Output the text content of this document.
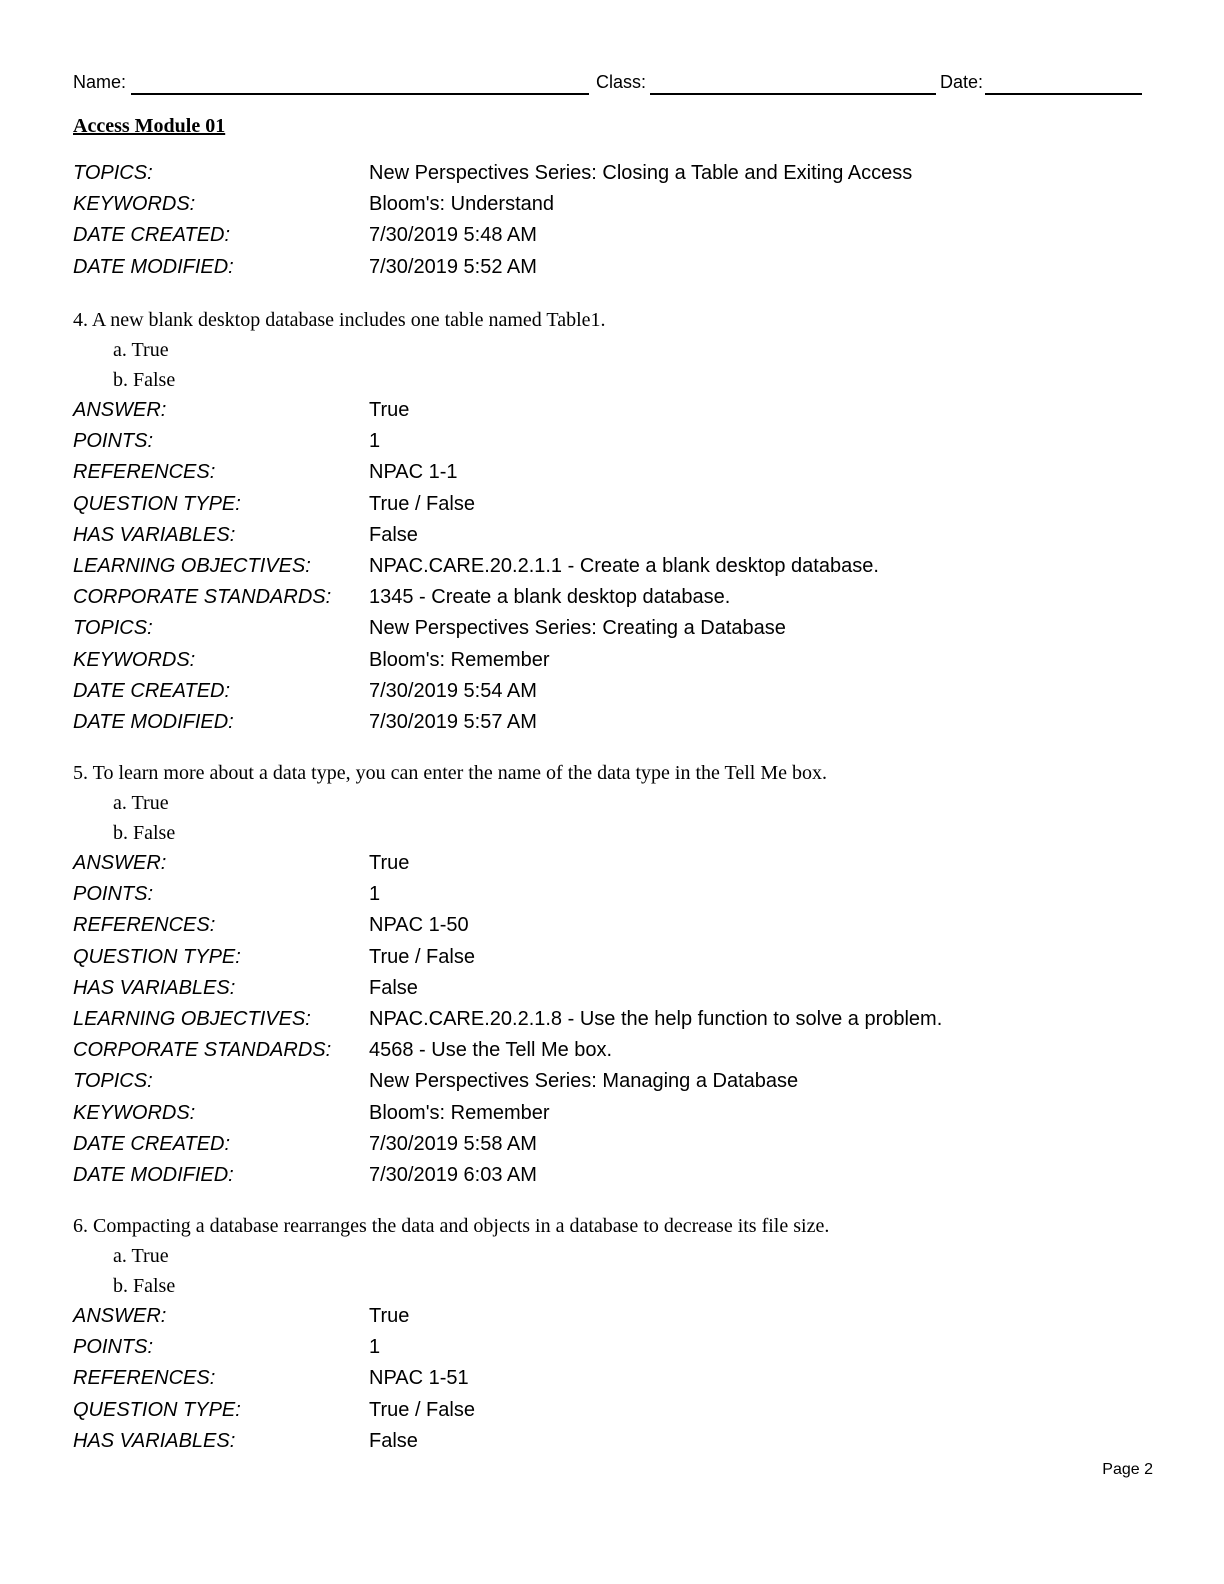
Name:	Class:	Date:
Access Module 01
TOPICS:	New Perspectives Series: Closing a Table and Exiting Access
KEYWORDS:	Bloom's: Understand
DATE CREATED:	7/30/2019 5:48 AM
DATE MODIFIED:	7/30/2019 5:52 AM
4. A new blank desktop database includes one table named Table1.
a. True
b. False
ANSWER:	True
POINTS:	1
REFERENCES:	NPAC 1-1
QUESTION TYPE:	True / False
HAS VARIABLES:	False
LEARNING OBJECTIVES:	NPAC.CARE.20.2.1.1 - Create a blank desktop database.
CORPORATE STANDARDS: 1345 - Create a blank desktop database.
TOPICS:	New Perspectives Series: Creating a Database
KEYWORDS:	Bloom's: Remember
DATE CREATED:	7/30/2019 5:54 AM
DATE MODIFIED:	7/30/2019 5:57 AM
5. To learn more about a data type, you can enter the name of the data type in the Tell Me box.
a. True
b. False
ANSWER:	True
POINTS:	1
REFERENCES:	NPAC 1-50
QUESTION TYPE:	True / False
HAS VARIABLES:	False
LEARNING OBJECTIVES:	NPAC.CARE.20.2.1.8 - Use the help function to solve a problem.
CORPORATE STANDARDS: 4568 - Use the Tell Me box.
TOPICS:	New Perspectives Series: Managing a Database
KEYWORDS:	Bloom's: Remember
DATE CREATED:	7/30/2019 5:58 AM
DATE MODIFIED:	7/30/2019 6:03 AM
6. Compacting a database rearranges the data and objects in a database to decrease its file size.
a. True
b. False
ANSWER:	True
POINTS:	1
REFERENCES:	NPAC 1-51
QUESTION TYPE:	True / False
HAS VARIABLES:	False
Page 2
